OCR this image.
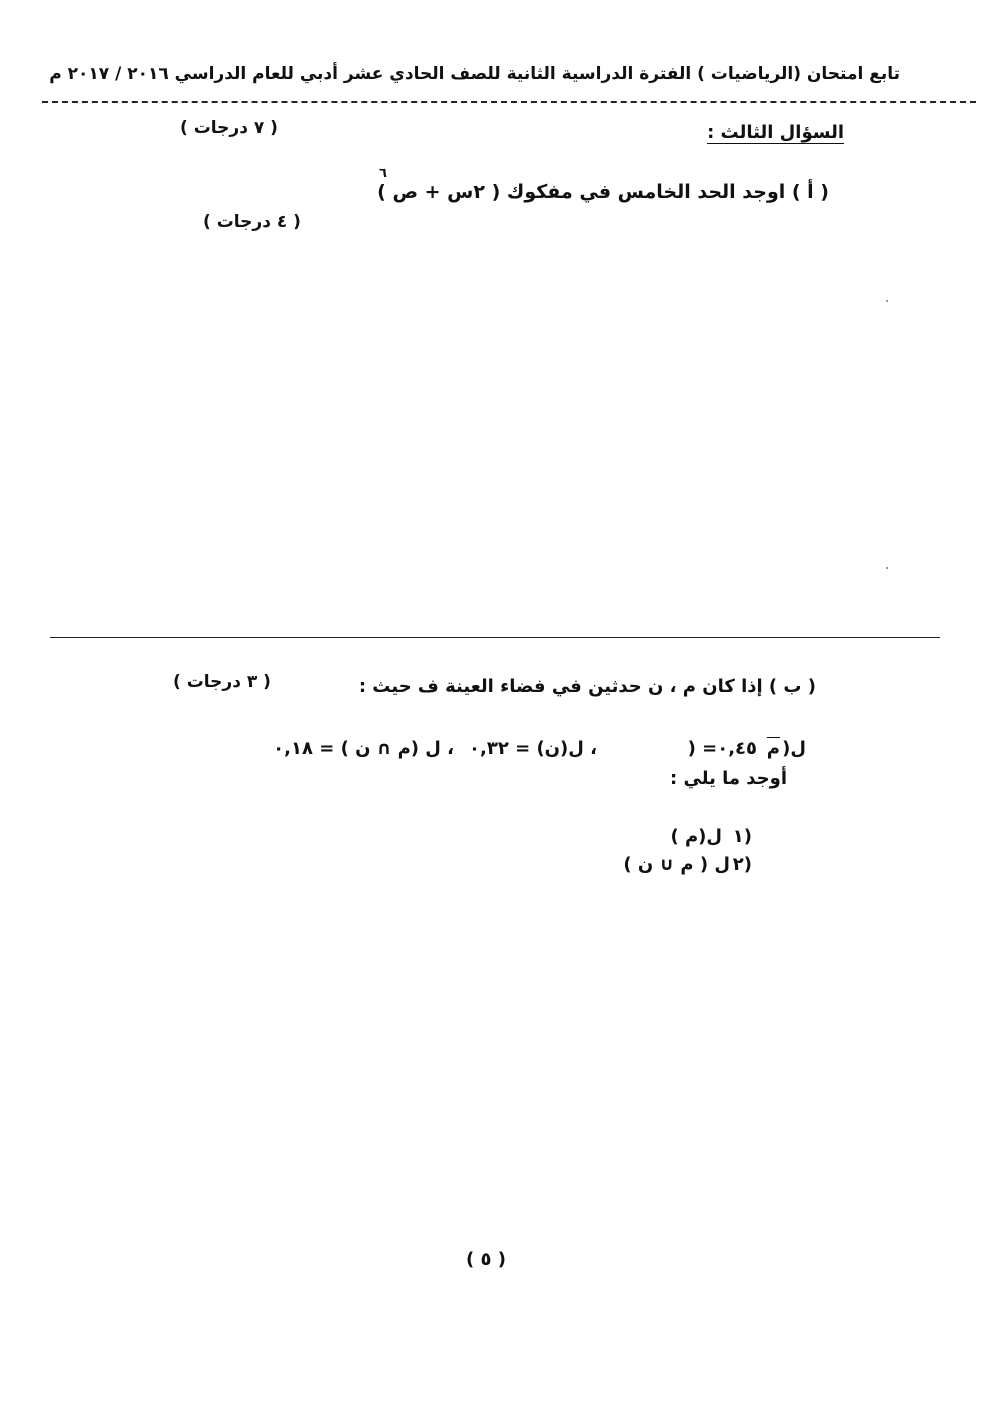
تابع امتحان (الرياضيات ) الفترة الدراسية الثانية للصف الحادي عشر أدبي للعام الدراسي ٢٠١٦ / ٢٠١٧ م
السؤال الثالث :
( ٧ درجات )
( أ ) اوجد الحد الخامس في مفكوك ( ٢س + ص )
٦
( ٤ درجات )
( ب ) إذا كان م ، ن حدثين في فضاء العينة ف حيث :
( ٣ درجات )
ل(
م
) =٠,٤٥
، ل(ن) = ٠,٣٢
، ل (م ∩ ن ) = ٠,١٨
أوجد ما يلي :
١)
ل(م )
٢)
ل ( م ∪ ن )
( ٥ )
